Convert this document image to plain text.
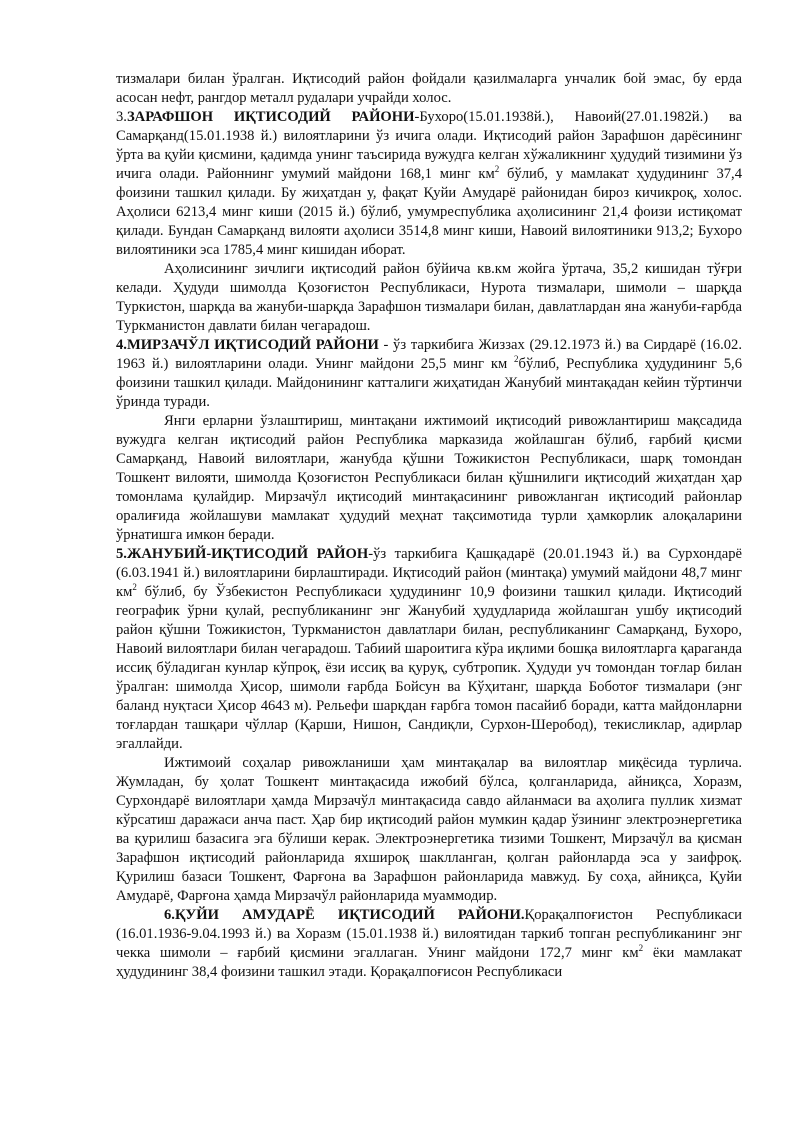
тизмалари билан ўралган. Иқтисодий район фойдали қазилмаларга унчалик бой эмас, бу ерда асосан нефт, рангдор металл рудалари учрайди холос.

3.ЗАРАФШОН ИҚТИСОДИЙ РАЙОНИ-Бухоро(15.01.1938й.), Навоий(27.01.1982й.) ва Самарқанд(15.01.1938 й.) вилоятларини ўз ичига олади. Иқтисодий район Зарафшон дарёсининг ўрта ва қуйи қисмини, қадимда унинг таъсирида вужудга келган хўжаликнинг ҳудудий тизимини ўз ичига олади. Районнинг умумий майдони 168,1 минг $км^2$ бўлиб, у мамлакат ҳудудининг 37,4 фоизини ташкил қилади. Бу жиҳатдан у, фақат Қуйи Амударё районидан бироз кичикроқ, холос. Аҳолиси 6213,4 минг киши (2015 й.) бўлиб, умумреспублика аҳолисининг 21,4 фоизи истиқомат қилади. Бундан Самарқанд вилояти аҳолиси 3514,8 минг киши, Навоий вилоятиники 913,2; Бухоро вилоятиники эса 1785,4 минг кишидан иборат.

Аҳолисининг зичлиги иқтисодий район бўйича кв.км жойга ўртача, 35,2 кишидан тўғри келади. Ҳудуди шимолда Қозоғистон Республикаси, Нурота тизмалари, шимоли – шарқда Туркистон, шарқда ва жануби-шарқда Зарафшон тизмалари билан, давлатлардан яна жануби-ғарбда Туркманистон давлати билан чегарадош.

4.МИРЗАЧЎЛ ИҚТИСОДИЙ РАЙОНИ - ўз таркибига Жиззах (29.12.1973 й.) ва Сирдарё (16.02. 1963 й.) вилоятларини олади. Унинг майдони 25,5 минг км $^2$бўлиб, Республика ҳудудининг 5,6 фоизини ташкил қилади. Майдонининг катталиги жиҳатидан Жанубий минтақадан кейин тўртинчи ўринда туради.

Янги ерларни ўзлаштириш, минтақани ижтимоий иқтисодий ривожлантириш мақсадида вужудга келган иқтисодий район Республика марказида жойлашган бўлиб, ғарбий қисми Самарқанд, Навоий вилоятлари, жанубда қўшни Тожикистон Республикаси, шарқ томондан Тошкент вилояти, шимолда Қозоғистон Республикаси билан қўшнилиги иқтисодий жиҳатдан ҳар томонлама қулайдир. Мирзачўл иқтисодий минтақасининг ривожланган иқтисодий районлар оралиғида жойлашуви мамлакат ҳудудий меҳнат тақсимотида турли ҳамкорлик алоқаларини ўрнатишга имкон беради.

5.ЖАНУБИЙ-ИҚТИСОДИЙ РАЙОН-ўз таркибига Қашқадарё (20.01.1943 й.) ва Сурхондарё (6.03.1941 й.) вилоятларини бирлаштиради. Иқтисодий район (минтақа) умумий майдони 48,7 минг $км^2$ бўлиб, бу Ўзбекистон Республикаси ҳудудининг 10,9 фоизини ташкил қилади. Иқтисодий географик ўрни қулай, республиканинг энг Жанубий ҳудудларида жойлашган ушбу иқтисодий район қўшни Тожикистон, Туркманистон давлатлари билан, республиканинг Самарқанд, Бухоро, Навоий вилоятлари билан чегарадош. Табиий шароитига кўра иқлими бошқа вилоятларга қараганда иссиқ бўладиган кунлар кўпроқ, ёзи иссиқ ва қуруқ, субтропик. Ҳудуди уч томондан тоғлар билан ўралган: шимолда Ҳисор, шимоли ғарбда Бойсун ва Кўҳитанг, шарқда Боботоғ тизмалари (энг баланд нуқтаси Ҳисор 4643 м). Рельефи шарқдан ғарбга томон пасайиб боради, катта майдонларни тоғлардан ташқари чўллар (Қарши, Нишон, Сандиқли, Сурхон-Шеробод), текисликлар, адирлар эгаллайди.

Ижтимоий соҳалар ривожланиши ҳам минтақалар ва вилоятлар миқёсида турлича. Жумладан, бу ҳолат Тошкент минтақасида ижобий бўлса, қолганларида, айниқса, Хоразм, Сурхондарё вилоятлари ҳамда Мирзачўл минтақасида савдо айланмаси ва аҳолига пуллик хизмат кўрсатиш даражаси анча паст. Ҳар бир иқтисодий район мумкин қадар ўзининг электроэнергетика ва қурилиш базасига эга бўлиши керак. Электроэнергетика тизими Тошкент, Мирзачўл ва қисман Зарафшон иқтисодий районларида яхшироқ шаклланган, қолган районларда эса у заифроқ. Қурилиш базаси Тошкент, Фарғона ва Зарафшон районларида мавжуд. Бу соҳа, айниқса, Қуйи Амударё, Фарғона ҳамда Мирзачўл районларида муаммодир.

6.ҚУЙИ АМУДАРЁ ИҚТИСОДИЙ РАЙОНИ.Қорақалпоғистон Республикаси (16.01.1936-9.04.1993 й.) ва Хоразм (15.01.1938 й.) вилоятидан таркиб топган республиканинг энг чекка шимоли – ғарбий қисмини эгаллаган. Унинг майдони 172,7 минг $км^2$ ёки мамлакат ҳудудининг 38,4 фоизини ташкил этади. Қорақалпоғисон Республикаси
